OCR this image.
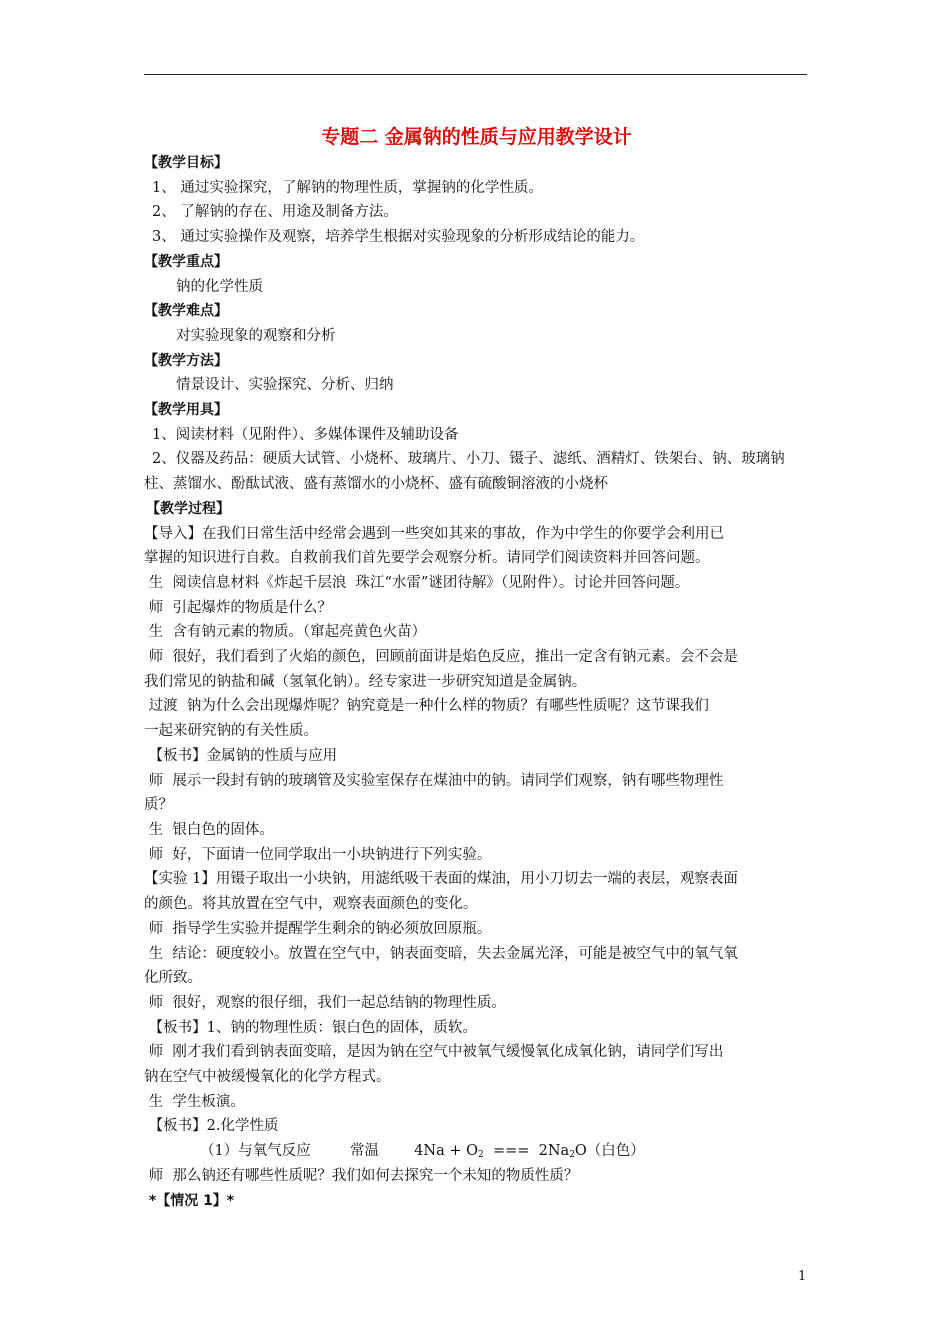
专题二 金属钠的性质与应用教学设计
【教学目标】
1、 通过实验探究，了解钠的物理性质，掌握钠的化学性质。
2、 了解钠的存在、用途及制备方法。
3、 通过实验操作及观察，培养学生根据对实验现象的分析形成结论的能力。
【教学重点】
钠的化学性质
【教学难点】
对实验现象的观察和分析
【教学方法】
情景设计、实验探究、分析、归纳
【教学用具】
1、阅读材料（见附件）、多媒体课件及辅助设备
2、仪器及药品：硬质大试管、小烧杯、玻璃片、小刀、镊子、滤纸、酒精灯、铁架台、钠、玻璃钠
柱、蒸馏水、酚酞试液、盛有蒸馏水的小烧杯、盛有硫酸铜溶液的小烧杯
【教学过程】
【导入】在我们日常生活中经常会遇到一些突如其来的事故，作为中学生的你要学会利用已
掌握的知识进行自救。自救前我们首先要学会观察分析。请同学们阅读资料并回答问题。
生  阅读信息材料《炸起千层浪  珠江“水雷”谜团待解》（见附件）。讨论并回答问题。
师  引起爆炸的物质是什么？
生  含有钠元素的物质。（窜起亮黄色火苗）
师  很好，我们看到了火焰的颜色，回顾前面讲是焰色反应，推出一定含有钠元素。会不会是
我们常见的钠盐和碱（氢氧化钠）。经专家进一步研究知道是金属钠。
过渡  钠为什么会出现爆炸呢？钠究竟是一种什么样的物质？有哪些性质呢？这节课我们
一起来研究钠的有关性质。
【板书】金属钠的性质与应用
师  展示一段封有钠的玻璃管及实验室保存在煤油中的钠。请同学们观察，钠有哪些物理性
质？
生  银白色的固体。
师  好，下面请一位同学取出一小块钠进行下列实验。
【实验 1】用镊子取出一小块钠，用滤纸吸干表面的煤油，用小刀切去一端的表层，观察表面
的颜色。将其放置在空气中，观察表面颜色的变化。
师  指导学生实验并提醒学生剩余的钠必须放回原瓶。
生  结论：硬度较小。放置在空气中，钠表面变暗，失去金属光泽，可能是被空气中的氧气氧
化所致。
师  很好，观察的很仔细，我们一起总结钠的物理性质。
【板书】1、钠的物理性质：银白色的固体，质软。
师  刚才我们看到钠表面变暗，是因为钠在空气中被氧气缓慢氧化成氧化钠，请同学们写出
钠在空气中被缓慢氧化的化学方程式。
生  学生板演。
【板书】2.化学性质
（1）与氧气反应	常温 $4Na + O_2$  ===  $2Na_2O$（白色）
师  那么钠还有哪些性质呢？我们如何去探究一个未知的物质性质？
*【情况 1】*
1
